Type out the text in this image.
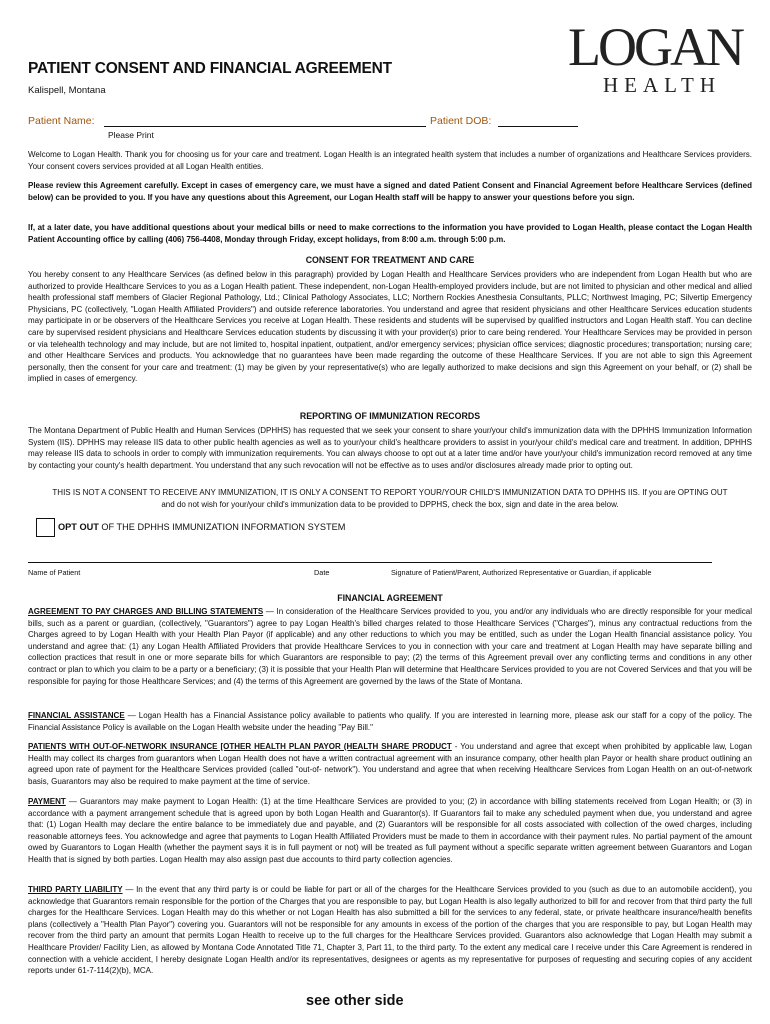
LOGAN
HEALTH
PATIENT CONSENT AND FINANCIAL AGREEMENT
Kalispell, Montana
Patient Name:	Patient DOB:
Please Print

Welcome to Logan Health. Thank you for choosing us for your care and treatment. Logan Health is an integrated health system that includes a number of organizations and Healthcare Services providers. Your consent covers services provided at all Logan Health entities.

Please review this Agreement carefully. Except in cases of emergency care, we must have a signed and dated Patient Consent and Financial Agreement before Healthcare Services (defined below) can be provided to you. If you have any questions about this Agreement, our Logan Health staff will be happy to answer your questions before you sign.

If, at a later date, you have additional questions about your medical bills or need to make corrections to the information you have provided to Logan Health, please contact the Logan Health Patient Accounting office by calling (406) 756-4408, Monday through Friday, except holidays, from 8:00 a.m. through 5:00 p.m.

CONSENT FOR TREATMENT AND CARE

You hereby consent to any Healthcare Services (as defined below in this paragraph) provided by Logan Health and Healthcare Services providers who are independent from Logan Health but who are authorized to provide Healthcare Services to you as a Logan Health patient. These independent, non-Logan Health-employed providers include, but are not limited to physician and other medical and allied health professional staff members of Glacier Regional Pathology, Ltd.; Clinical Pathology Associates, LLC; Northern Rockies Anesthesia Consultants, PLLC; Northwest Imaging, PC; Silvertip Emergency Physicians, PC (collectively, "Logan Health Affiliated Providers") and outside reference laboratories. You understand and agree that resident physicians and other Healthcare Services education students may participate in or be observers of the Healthcare Services you receive at Logan Health. These residents and students will be supervised by qualified instructors and Logan Health staff. You can decline care by supervised resident physicians and Healthcare Services education students by discussing it with your provider(s) prior to care being rendered. Your Healthcare Services may be provided in person or via telehealth technology and may include, but are not limited to, hospital inpatient, outpatient, and/or emergency services; physician office services; diagnostic procedures; transportation; nursing care; and other Healthcare Services and products. You acknowledge that no guarantees have been made regarding the outcome of these Healthcare Services. If you are not able to sign this Agreement personally, then the consent for your care and treatment: (1) may be given by your representative(s) who are legally authorized to make decisions and sign this Agreement on your behalf, or (2) shall be implied in cases of emergency.

REPORTING OF IMMUNIZATION RECORDS

The Montana Department of Public Health and Human Services (DPHHS) has requested that we seek your consent to share your/your child's immunization data with the DPHHS Immunization Information System (IIS). DPHHS may release IIS data to other public health agencies as well as to your/your child's healthcare providers to assist in your/your child's medical care and treatment. In addition, DPHHS may release IIS data to schools in order to comply with immunization requirements. You can always choose to opt out at a later time and/or have your/your child's immunization record removed at any time by contacting your county's health department. You understand that any such revocation will not be effective as to uses and/or disclosures already made prior to opting out.

THIS IS NOT A CONSENT TO RECEIVE ANY IMMUNIZATION, IT IS ONLY A CONSENT TO REPORT YOUR/YOUR CHILD'S IMMUNIZATION DATA TO DPHHS IIS. If you are OPTING OUT

and do not wish for your/your child's immunization data to be provided to DPPHS, check the box, sign and date in the area below.

OPT OUT OF THE DPHHS IMMUNIZATION INFORMATION SYSTEM
Name of Patient	Date	Signature of Patient/Parent, Authorized Representative or Guardian, if applicable
FINANCIAL AGREEMENT

AGREEMENT TO PAY CHARGES AND BILLING STATEMENTS — In consideration of the Healthcare Services provided to you, you and/or any individuals who are directly responsible for your medical bills, such as a parent or guardian, (collectively, "Guarantors") agree to pay Logan Health's billed charges related to those Healthcare Services ("Charges"), minus any contractual reductions from the Charges agreed to by Logan Health with your Health Plan Payor (if applicable) and any other reductions to which you may be entitled, such as under the Logan Health financial assistance policy. You understand and agree that: (1) any Logan Health Affiliated Providers that provide Healthcare Services to you in connection with your care and treatment at Logan Health may have separate billing and collection practices that result in one or more separate bills for which Guarantors are responsible to pay; (2) the terms of this Agreement prevail over any conflicting terms and conditions in any other contract or plan to which you claim to be a party or a beneficiary; (3) it is possible that your Health Plan will determine that Healthcare Services provided to you are not Covered Services and that you will be responsible for paying for those Healthcare Services; and (4) the terms of this Agreement are governed by the laws of the State of Montana.

FINANCIAL ASSISTANCE — Logan Health has a Financial Assistance policy available to patients who qualify. If you are interested in learning more, please ask our staff for a copy of the policy. The Financial Assistance Policy is available on the Logan Health website under the heading "Pay Bill."

PATIENTS WITH OUT-OF-NETWORK INSURANCE [OTHER HEALTH PLAN PAYOR (HEALTH SHARE PRODUCT - You understand and agree that except when prohibited by applicable law, Logan Health may collect its charges from guarantors when Logan Health does not have a written contractual agreement with an insurance company, other health plan Payor or health share product outlining an agreed upon rate of payment for the Healthcare Services provided (called "out-of- network"). You understand and agree that when receiving Healthcare Services from Logan Health on an out-of-network basis, Guarantors may also be required to make payment at the time of service.

PAYMENT — Guarantors may make payment to Logan Health: (1) at the time Healthcare Services are provided to you; (2) in accordance with billing statements received from Logan Health; or (3) in accordance with a payment arrangement schedule that is agreed upon by both Logan Health and Guarantor(s). If Guarantors fail to make any scheduled payment when due, you understand and agree that: (1) Logan Health may declare the entire balance to be immediately due and payable, and (2) Guarantors will be responsible for all costs associated with collection of the owed charges, including reasonable attorneys fees. You acknowledge and agree that payments to Logan Health Affiliated Providers must be made to them in accordance with their payment rules. No partial payment of the amount owed by Guarantors to Logan Health (whether the payment says it is in full payment or not) will be treated as full payment without a specific separate written agreement between Guarantors and Logan Health that is signed by both parties. Logan Health may also assign past due accounts to third party collection agencies.

THIRD PARTY LIABILITY — In the event that any third party is or could be liable for part or all of the charges for the Healthcare Services provided to you (such as due to an automobile accident), you acknowledge that Guarantors remain responsible for the portion of the Charges that you are responsible to pay, but Logan Health is also legally authorized to bill for and recover from that third party the full charges for the Healthcare Services. Logan Health may do this whether or not Logan Health has also submitted a bill for the services to any federal, state, or private healthcare insurance/health benefits plans (collectively a "Health Plan Payor") covering you. Guarantors will not be responsible for any amounts in excess of the portion of the charges that you are responsible to pay, but Logan Health may recover from the third party an amount that permits Logan Health to receive up to the full charges for the Healthcare Services provided. Guarantors also acknowledge that Logan Health may submit a Healthcare Provider/ Facility Lien, as allowed by Montana Code Annotated Title 71, Chapter 3, Part 11, to the third party. To the extent any medical care I receive under this Care Agreement is rendered in connection with a vehicle accident, I hereby designate Logan Health and/or its representatives, designees or agents as my representative for purposes of requesting and securing copies of any accident reports under 61-7-114(2)(b), MCA.

see other side
